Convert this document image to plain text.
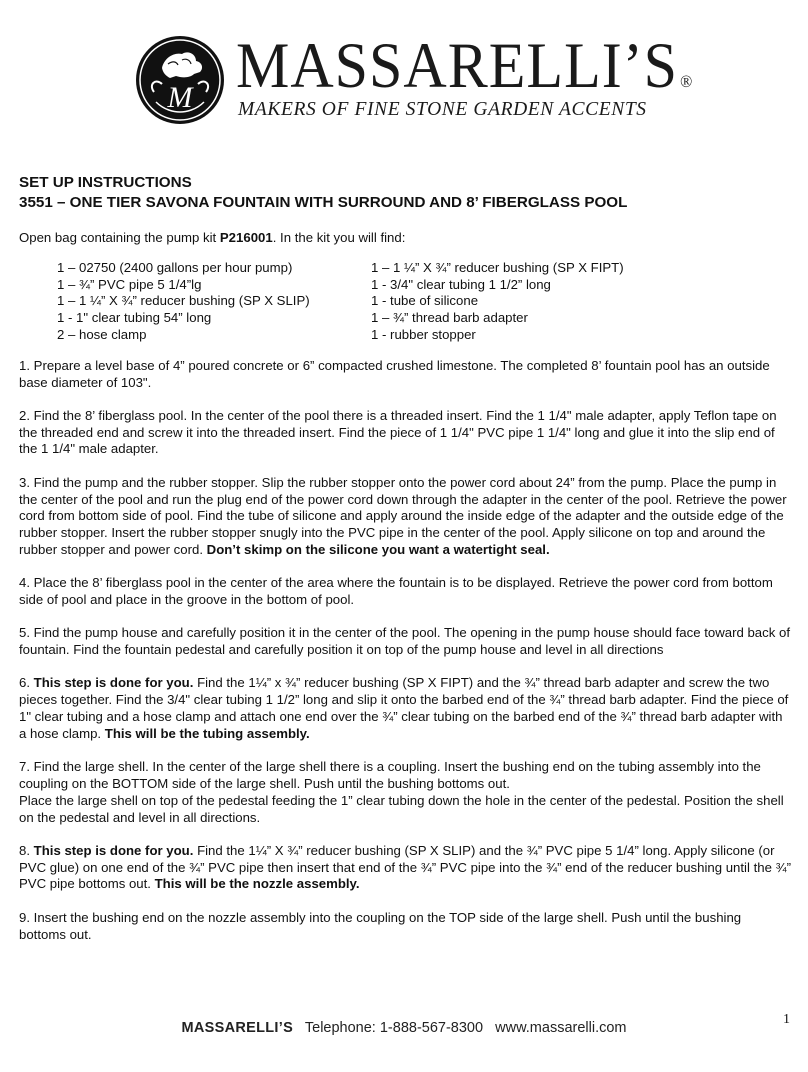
M MASSARELLI’S ®
MAKERS OF FINE STONE GARDEN ACCENTS

SET UP INSTRUCTIONS

3551 – ONE TIER SAVONA FOUNTAIN WITH SURROUND AND 8’ FIBERGLASS POOL

Open bag containing the pump kit P216001. In the kit you will find:

1 – 02750 (2400 gallons per hour pump)
1 – ¾” PVC pipe 5 1/4”lg
1 – 1 ¼” X ¾” reducer bushing (SP X SLIP)
1 - 1" clear tubing 54” long
2 – hose clamp
1 – 1 ¼” X ¾” reducer bushing (SP X FIPT)
1 - 3/4" clear tubing 1 1/2” long
1 - tube of silicone
1 – ¾” thread barb adapter
1 - rubber stopper

1. Prepare a level base of 4” poured concrete or 6” compacted crushed limestone. The completed 8’ fountain pool has an outside base diameter of 103".

2. Find the 8’ fiberglass pool. In the center of the pool there is a threaded insert. Find the 1 1/4" male adapter, apply Teflon tape on the threaded end and screw it into the threaded insert. Find the piece of 1 1/4" PVC pipe 1 1/4" long and glue it into the slip end of the 1 1/4" male adapter.

3. Find the pump and the rubber stopper. Slip the rubber stopper onto the power cord about 24” from the pump. Place the pump in the center of the pool and run the plug end of the power cord down through the adapter in the center of the pool. Retrieve the power cord from bottom side of pool. Find the tube of silicone and apply around the inside edge of the adapter and the outside edge of the rubber stopper. Insert the rubber stopper snugly into the PVC pipe in the center of the pool. Apply silicone on top and around the rubber stopper and power cord. Don’t skimp on the silicone you want a watertight seal.

4. Place the 8’ fiberglass pool in the center of the area where the fountain is to be displayed. Retrieve the power cord from bottom side of pool and place in the groove in the bottom of pool.

5. Find the pump house and carefully position it in the center of the pool. The opening in the pump house should face toward back of fountain. Find the fountain pedestal and carefully position it on top of the pump house and level in all directions

6. This step is done for you. Find the 1¼” x ¾” reducer bushing (SP X FIPT) and the ¾” thread barb adapter and screw the two pieces together. Find the 3/4" clear tubing 1 1/2” long and slip it onto the barbed end of the ¾” thread barb adapter. Find the piece of 1" clear tubing and a hose clamp and attach one end over the ¾” clear tubing on the barbed end of the ¾” thread barb adapter with a hose clamp. This will be the tubing assembly.

7. Find the large shell. In the center of the large shell there is a coupling. Insert the bushing end on the tubing assembly into the coupling on the BOTTOM side of the large shell. Push until the bushing bottoms out.

Place the large shell on top of the pedestal feeding the 1” clear tubing down the hole in the center of the pedestal. Position the shell on the pedestal and level in all directions.

8. This step is done for you. Find the 1¼” X ¾” reducer bushing (SP X SLIP) and the ¾” PVC pipe 5 1/4” long. Apply silicone (or PVC glue) on one end of the ¾” PVC pipe then insert that end of the ¾” PVC pipe into the ¾” end of the reducer bushing until the ¾” PVC pipe bottoms out. This will be the nozzle assembly.

9. Insert the bushing end on the nozzle assembly into the coupling on the TOP side of the large shell. Push until the bushing bottoms out.

MASSARELLI’S Telephone: 1-888-567-8300 www.massarelli.com
1
